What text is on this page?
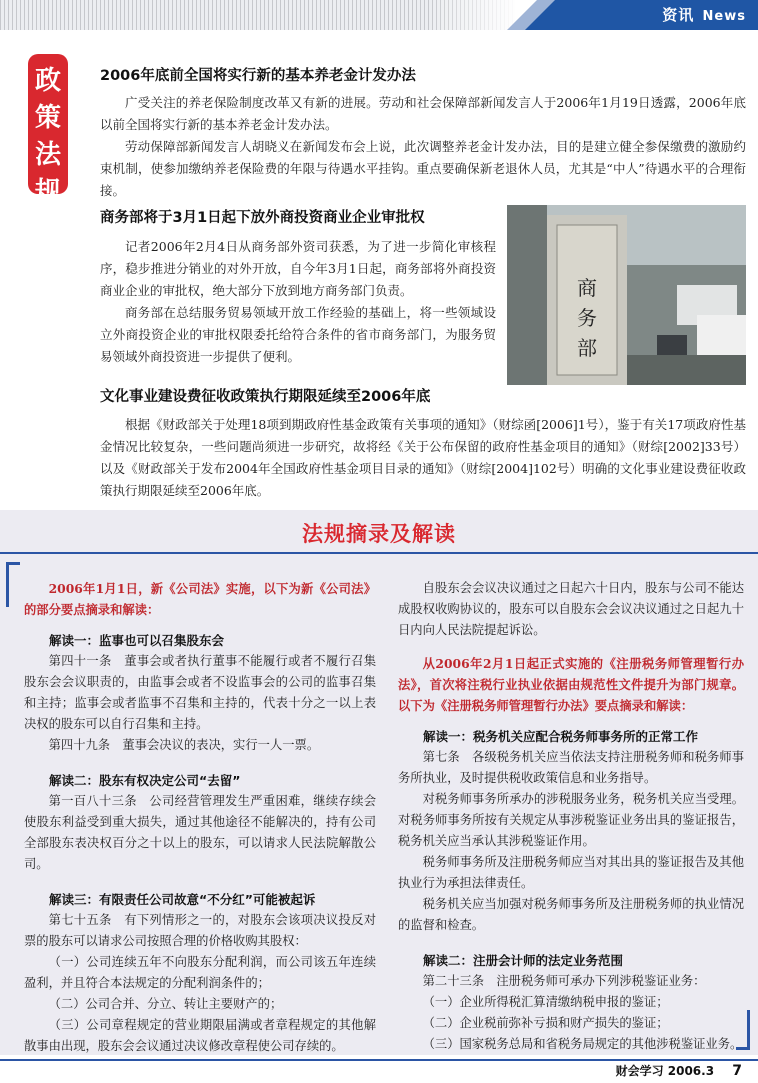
资讯 News
政
策
法
规
2006年底前全国将实行新的基本养老金计发办法

广受关注的养老保险制度改革又有新的进展。劳动和社会保障部新闻发言人于2006年1月19日透露，2006年底以前全国将实行新的基本养老金计发办法。

劳动保障部新闻发言人胡晓义在新闻发布会上说，此次调整养老金计发办法，目的是建立健全参保缴费的激励约束机制，使参加缴纳养老保险费的年限与待遇水平挂钩。重点要确保新老退休人员，尤其是“中人”待遇水平的合理衔接。

商务部将于3月1日起下放外商投资商业企业审批权

记者2006年2月4日从商务部外资司获悉，为了进一步简化审核程序，稳步推进分销业的对外开放，自今年3月1日起，商务部将外商投资商业企业的审批权，绝大部分下放到地方商务部门负责。

商务部在总结服务贸易领域开放工作经验的基础上，将一些领域设立外商投资企业的审批权限委托给符合条件的省市商务部门，为服务贸易领域外商投资进一步提供了便利。

商
务
部
文化事业建设费征收政策执行期限延续至2006年底

根据《财政部关于处理18项到期政府性基金政策有关事项的通知》（财综函[2006]1号），鉴于有关17项政府性基金情况比较复杂，一些问题尚须进一步研究，故将经《关于公布保留的政府性基金项目的通知》（财综[2002]33号）以及《财政部关于发布2004年全国政府性基金项目目录的通知》（财综[2004]102号）明确的文化事业建设费征收政策执行期限延续至2006年底。

法规摘录及解读

2006年1月1日，新《公司法》实施，以下为新《公司法》的部分要点摘录和解读：

解读一：监事也可以召集股东会

第四十一条　董事会或者执行董事不能履行或者不履行召集股东会会议职责的，由监事会或者不设监事会的公司的监事召集和主持；监事会或者监事不召集和主持的，代表十分之一以上表决权的股东可以自行召集和主持。

第四十九条　董事会决议的表决，实行一人一票。

解读二：股东有权决定公司“去留”

第一百八十三条　公司经营管理发生严重困难，继续存续会使股东利益受到重大损失，通过其他途径不能解决的，持有公司全部股东表决权百分之十以上的股东，可以请求人民法院解散公司。

解读三：有限责任公司故意“不分红”可能被起诉

第七十五条　有下列情形之一的，对股东会该项决议投反对票的股东可以请求公司按照合理的价格收购其股权：

（一）公司连续五年不向股东分配利润，而公司该五年连续盈利，并且符合本法规定的分配利润条件的；

（二）公司合并、分立、转让主要财产的；

（三）公司章程规定的营业期限届满或者章程规定的其他解散事由出现，股东会会议通过决议修改章程使公司存续的。

自股东会会议决议通过之日起六十日内，股东与公司不能达成股权收购协议的，股东可以自股东会会议决议通过之日起九十日内向人民法院提起诉讼。

从2006年2月1日起正式实施的《注册税务师管理暂行办法》，首次将注税行业执业依据由规范性文件提升为部门规章。以下为《注册税务师管理暂行办法》要点摘录和解读：

解读一：税务机关应配合税务师事务所的正常工作

第七条　各级税务机关应当依法支持注册税务师和税务师事务所执业，及时提供税收政策信息和业务指导。

对税务师事务所承办的涉税服务业务，税务机关应当受理。对税务师事务所按有关规定从事涉税鉴证业务出具的鉴证报告，税务机关应当承认其涉税鉴证作用。

税务师事务所及注册税务师应当对其出具的鉴证报告及其他执业行为承担法律责任。

税务机关应当加强对税务师事务所及注册税务师的执业情况的监督和检查。

解读二：注册会计师的法定业务范围

第二十三条　注册税务师可承办下列涉税鉴证业务：

（一）企业所得税汇算清缴纳税申报的鉴证；

（二）企业税前弥补亏损和财产损失的鉴证；

（三）国家税务总局和省税务局规定的其他涉税鉴证业务。

财会学习 2006.3 7
